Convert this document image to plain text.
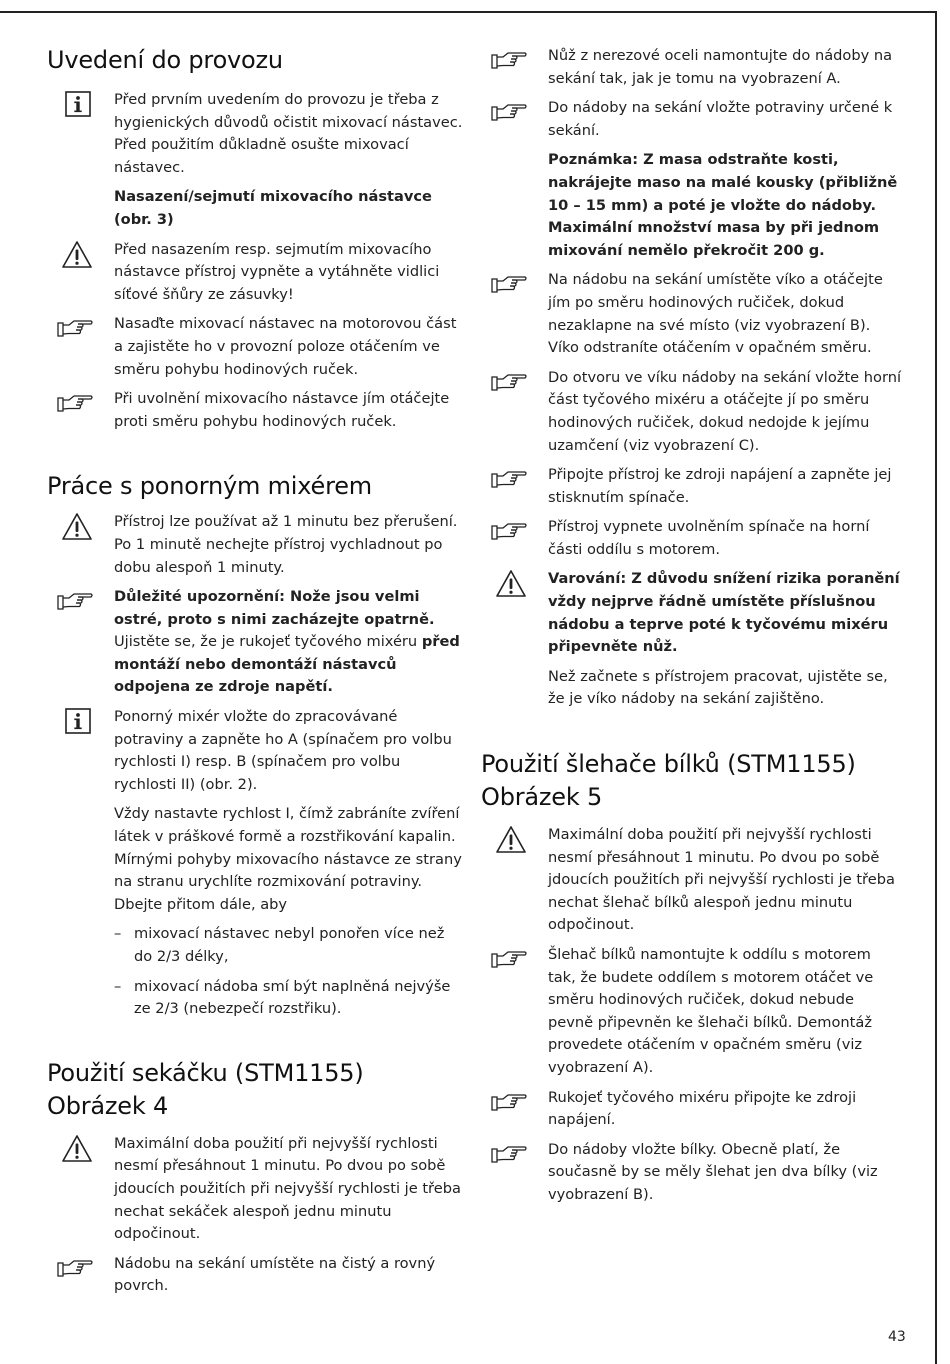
Uvedení do provozu

Před prvním uvedením do provozu je třeba z hygienických důvodů očistit mixovací nástavec. Před použitím důkladně osušte mixovací nástavec.

Nasazení/sejmutí mixovacího nástavce (obr. 3)

Před nasazením resp. sejmutím mixovacího nástavce přístroj vypněte a vytáhněte vidlici síťové šňůry ze zásuvky!

Nasaďte mixovací nástavec na motorovou část a zajistěte ho v provozní poloze otáčením ve směru pohybu hodinových ruček.

Při uvolnění mixovacího nástavce jím otáčejte proti směru pohybu hodinových ruček.

Práce s ponorným mixérem

Přístroj lze používat až 1 minutu bez přerušení. Po 1 minutě nechejte přístroj vychladnout po dobu alespoň 1 minuty.

Důležité upozornění: Nože jsou velmi ostré, proto s nimi zacházejte opatrně. Ujistěte se, že je rukojeť tyčového mixéru před montáží nebo demontáží nástavců odpojena ze zdroje napětí.

Ponorný mixér vložte do zpracovávané potraviny a zapněte ho A (spínačem pro volbu rychlosti I) resp. B (spínačem pro volbu rychlosti II) (obr. 2).

Vždy nastavte rychlost I, čímž zabráníte zvíření látek v práškové formě a rozstřikování kapalin. Mírnými pohyby mixovacího nástavce ze strany na stranu urychlíte rozmixování potraviny. Dbejte přitom dále, aby

– mixovací nástavec nebyl ponořen více než do 2/3 délky,
– mixovací nádoba smí být naplněná nejvýše ze 2/3 (nebezpečí rozstřiku).
Použití sekáčku (STM1155)
Obrázek 4

Maximální doba použití při nejvyšší rychlosti nesmí přesáhnout 1 minutu. Po dvou po sobě jdoucích použitích při nejvyšší rychlosti je třeba nechat sekáček alespoň jednu minutu odpočinout.

Nádobu na sekání umístěte na čistý a rovný povrch.

Nůž z nerezové oceli namontujte do nádoby na sekání tak, jak je tomu na vyobrazení A.

Do nádoby na sekání vložte potraviny určené k sekání.

Poznámka: Z masa odstraňte kosti, nakrájejte maso na malé kousky (přibližně 10 – 15 mm) a poté je vložte do nádoby. Maximální množství masa by při jednom mixování nemělo překročit 200 g.

Na nádobu na sekání umístěte víko a otáčejte jím po směru hodinových ručiček, dokud nezaklapne na své místo (viz vyobrazení B). Víko odstraníte otáčením v opačném směru.

Do otvoru ve víku nádoby na sekání vložte horní část tyčového mixéru a otáčejte jí po směru hodinových ručiček, dokud nedojde k jejímu uzamčení (viz vyobrazení C).

Připojte přístroj ke zdroji napájení a zapněte jej stisknutím spínače.

Přístroj vypnete uvolněním spínače na horní části oddílu s motorem.

Varování: Z důvodu snížení rizika poranění vždy nejprve řádně umístěte příslušnou nádobu a teprve poté k tyčovému mixéru připevněte nůž.

Než začnete s přístrojem pracovat, ujistěte se, že je víko nádoby na sekání zajištěno.

Použití šlehače bílků (STM1155)
Obrázek 5

Maximální doba použití při nejvyšší rychlosti nesmí přesáhnout 1 minutu. Po dvou po sobě jdoucích použitích při nejvyšší rychlosti je třeba nechat šlehač bílků alespoň jednu minutu odpočinout.

Šlehač bílků namontujte k oddílu s motorem tak, že budete oddílem s motorem otáčet ve směru hodinových ručiček, dokud nebude pevně připevněn ke šlehači bílků. Demontáž provedete otáčením v opačném směru (viz vyobrazení A).

Rukojeť tyčového mixéru připojte ke zdroji napájení.

Do nádoby vložte bílky. Obecně platí, že současně by se měly šlehat jen dva bílky (viz vyobrazení B).

43
